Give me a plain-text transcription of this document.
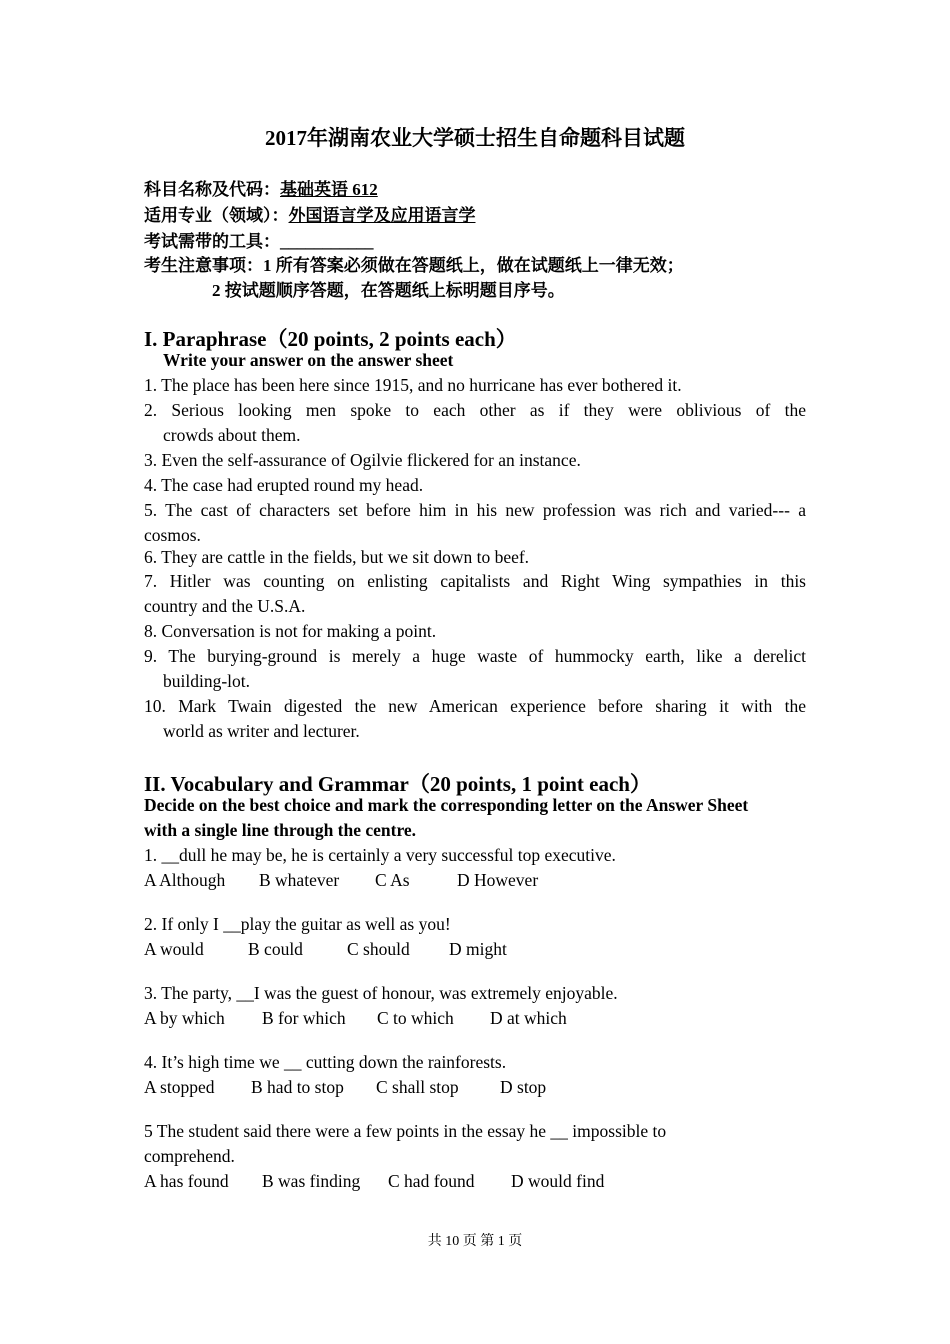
2017年湖南农业大学硕士招生自命题科目试题
科目名称及代码：基础英语 612
适用专业（领域）：外国语言学及应用语言学
考试需带的工具：___________
考生注意事项：1 所有答案必须做在答题纸上，做在试题纸上一律无效；
2 按试题顺序答题，在答题纸上标明题目序号。
I. Paraphrase（20 points, 2 points each）
Write your answer on the answer sheet
1. The place has been here since 1915, and no hurricane has ever bothered it.
2. Serious looking men spoke to each other as if they were oblivious of the
crowds about them.
3. Even the self-assurance of Ogilvie flickered for an instance.
4. The case had erupted round my head.
5. The cast of characters set before him in his new profession was rich and varied--- a
cosmos.
6. They are cattle in the fields, but we sit down to beef.
7. Hitler was counting on enlisting capitalists and Right Wing sympathies in this
country and the U.S.A.
8. Conversation is not for making a point.
9. The burying-ground is merely a huge waste of hummocky earth, like a derelict
building-lot.
10. Mark Twain digested the new American experience before sharing it with the
world as writer and lecturer.
II. Vocabulary and Grammar（20 points, 1 point each）
Decide on the best choice and mark the corresponding letter on the Answer Sheet
with a single line through the centre.
1. __dull he may be, he is certainly a very successful top executive.
A Although B whatever C As	D However
2. If only I __play the guitar as well as you!
A would	B could	C should D might
3. The party, __I was the guest of honour, was extremely enjoyable.
A by which B for which C to which D at which
4. It’s high time we __ cutting down the rainforests.
A stopped B had to stop C shall stop D stop
5 The student said there were a few points in the essay he __ impossible to
comprehend.
A has found B was finding C had found D would find
共 10 页 第 1 页
